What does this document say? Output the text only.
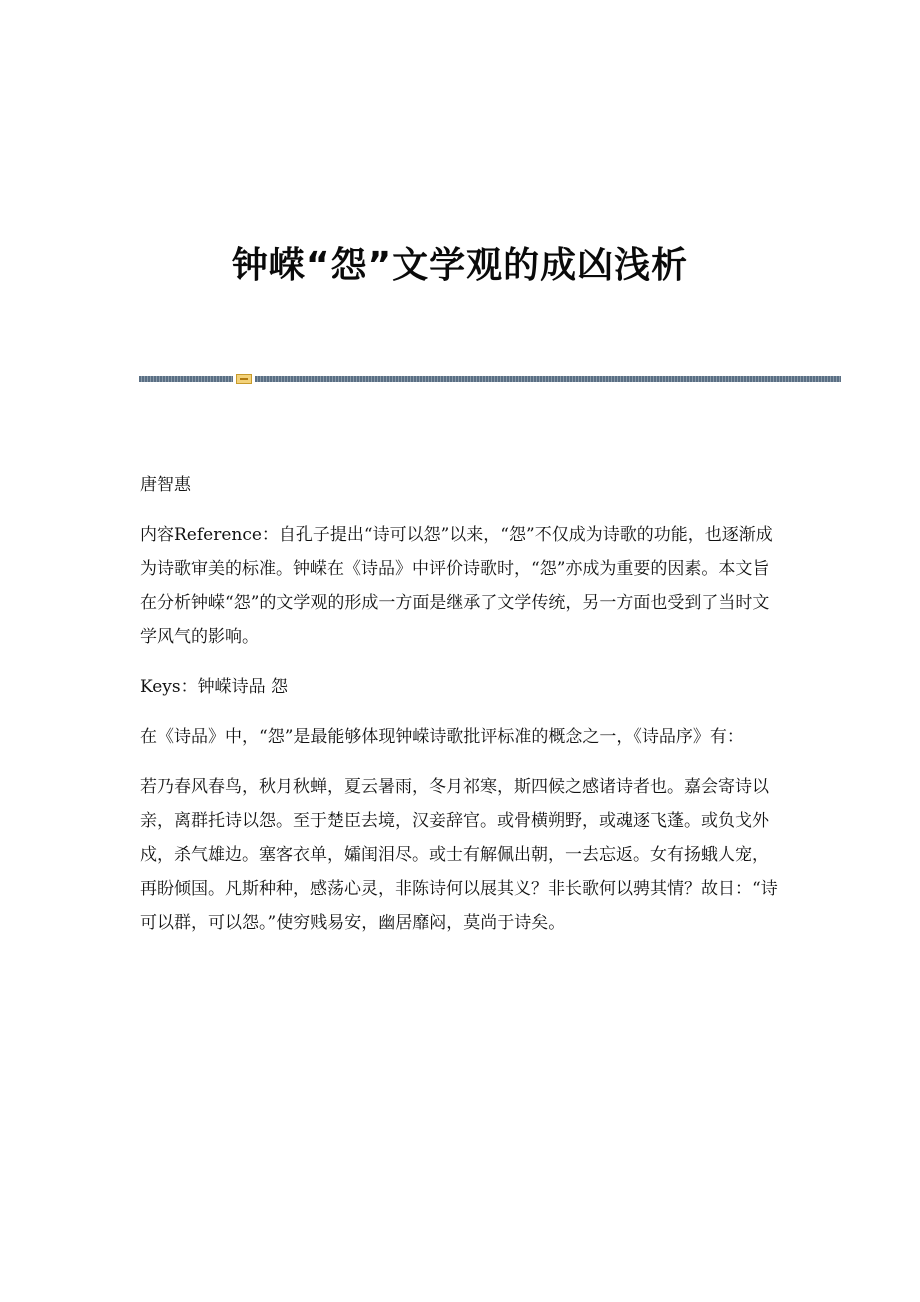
钟嵘“怨”文学观的成凶浅析

唐智惠

内容Reference：自孔子提出“诗可以怨”以来，“怨”不仅成为诗歌的功能，也逐渐成为诗歌审美的标准。钟嵘在《诗品》中评价诗歌时，“怨”亦成为重要的因素。本文旨在分析钟嵘“怨”的文学观的形成一方面是继承了文学传统，另一方面也受到了当时文学风气的影响。

Keys：钟嵘诗品 怨

在《诗品》中，“怨”是最能够体现钟嵘诗歌批评标准的概念之一，《诗品序》有：

若乃春风春鸟，秋月秋蝉，夏云暑雨，冬月祁寒，斯四候之感诸诗者也。嘉会寄诗以亲，离群托诗以怨。至于楚臣去境，汉妾辞官。或骨横朔野，或魂逐飞蓬。或负戈外戍，杀气雄边。塞客衣单，孀闺泪尽。或士有解佩出朝，一去忘返。女有扬蛾人宠，再盼倾国。凡斯种种，感荡心灵，非陈诗何以展其义？非长歌何以骋其情？故日：“诗可以群，可以怨。”使穷贱易安，幽居靡闷，莫尚于诗矣。
